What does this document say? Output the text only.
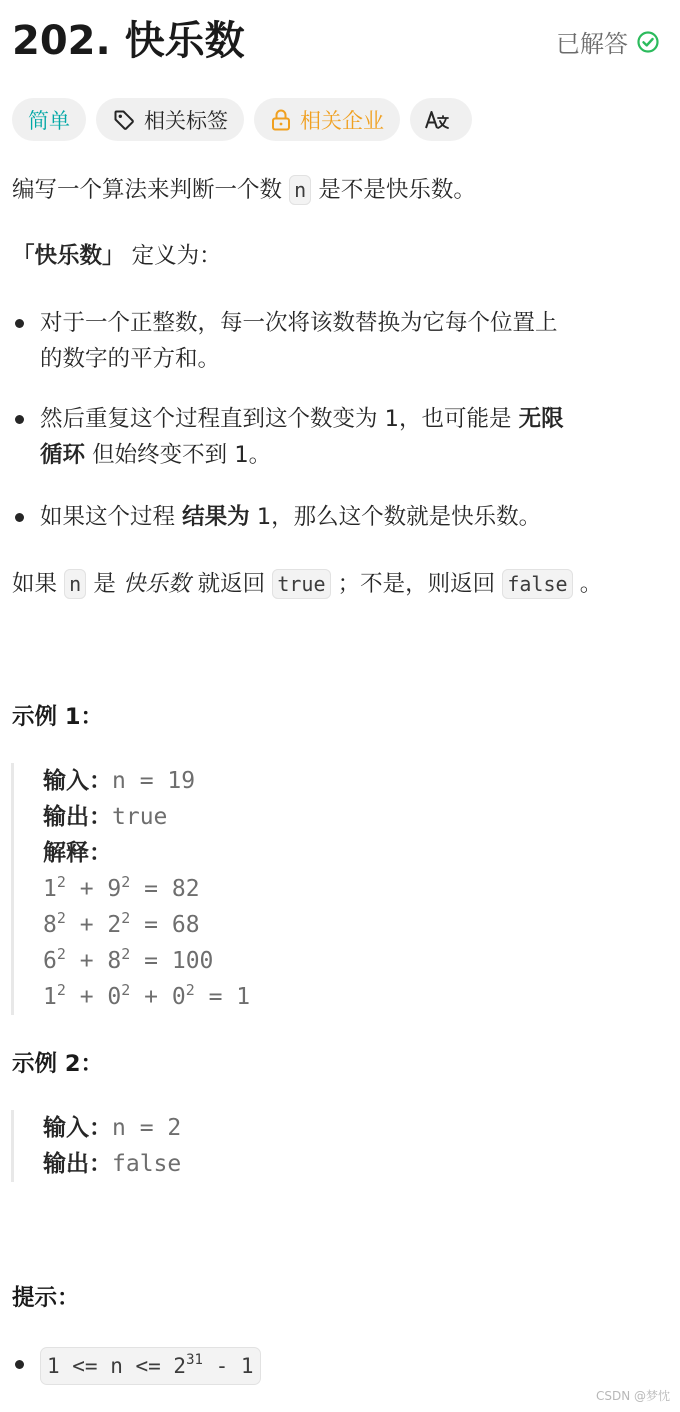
202. 快乐数	已解答
简单	相关标签	相关企业
编写一个算法来判断一个数 n 是不是快乐数。
「快乐数」 定义为：
对于一个正整数，每一次将该数替换为它每个位置上
的数字的平方和。
然后重复这个过程直到这个数变为 1，也可能是 无限
循环 但始终变不到 1。
如果这个过程 结果为 1，那么这个数就是快乐数。
如果 n 是 快乐数 就返回 true ；不是，则返回 false 。
示例 1：
输入：n = 19
输出：true
解释：
$1^2 + 9^2 = 82$
$8^2 + 2^2 = 68$
$6^2 + 8^2 = 100$
$1^2 + 0^2 + 0^2 = 1$
示例 2：
输入：n = 2
输出：false
提示：
$1 <= n <= 2^{31} - 1$
CSDN @梦忱
